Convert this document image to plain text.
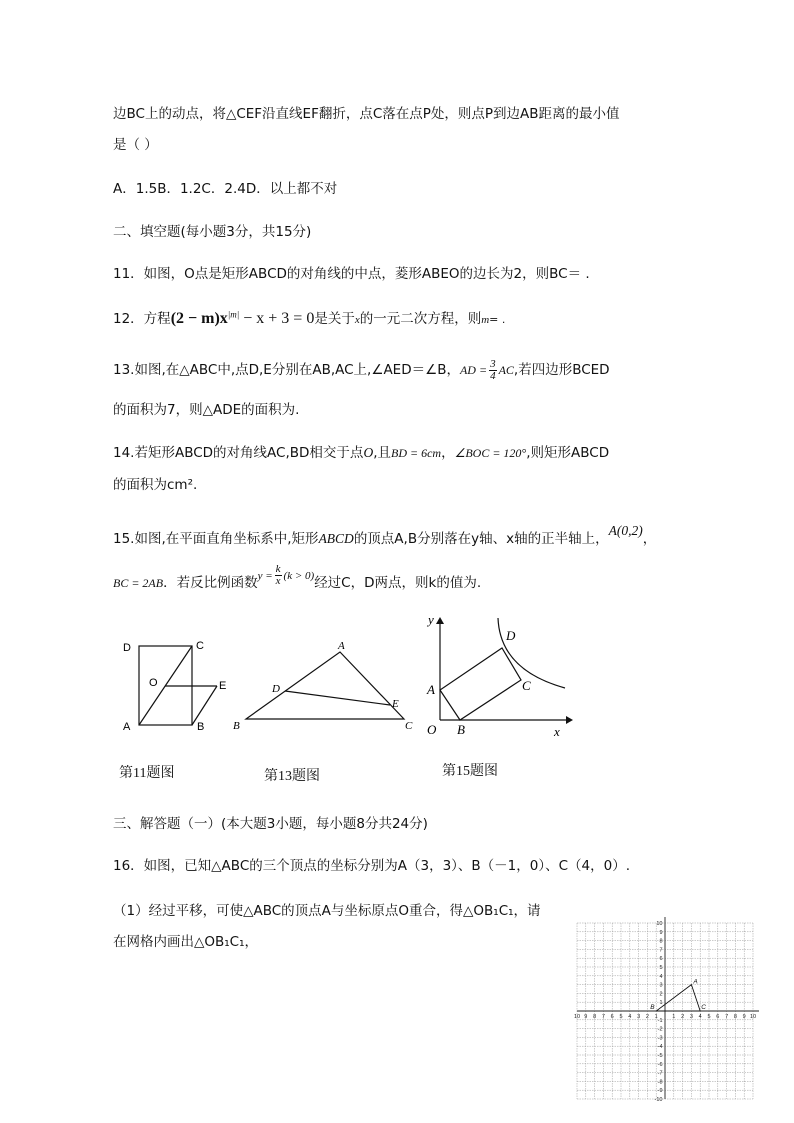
边BC上的动点，将△CEF沿直线EF翻折，点C落在点P处，则点P到边AB距离的最小值
是（ ）
A．1.5B．1.2C．2.4D．以上都不对
二、填空题(每小题3分，共15分)
11．如图，O点是矩形ABCD的对角线的中点，菱形ABEO的边长为2，则BC＝ .
12．方程$(2 - m)x^{|m|} - x + 3 = 0$是关于x的一元二次方程，则m= .
13.如图,在△ABC中,点D,E分别在AB,AC上,∠AED＝∠B，AD = $\frac{3}{4}$ AC,若四边形BCED
的面积为7，则△ADE的面积为.
14.若矩形ABCD的对角线AC,BD相交于点O,且BD = 6cm，∠BOC = 120°,则矩形ABCD
的面积为cm².
15.如图,在平面直角坐标系中,矩形ABCD的顶点A,B分别落在y轴、x轴的正半轴上，A(0,2)，
BC = 2AB．若反比例函数$^{y =} \frac{k}{x} ^{(k > 0)}$经过C，D两点，则k的值为.
D	C
O	E
A	B
第11题图
A
D
E
B	C
第13题图
y
x
O
A
B
C
D
第15题图
三、解答题（一）(本大题3小题，每小题8分共24分)
16．如图，已知△ABC的三个顶点的坐标分别为A（3，3）、B（－1，0）、C（4，0）.
（1）经过平移，可使△ABC的顶点A与坐标原点O重合，得△OB₁C₁，请
在网格内画出△OB₁C₁，
10
10
9
9
8
8
7
7
6
6
5
5
4
4
3
3
2
2
1
1
1
-1
2
-2
3
-3
4
-4
5
-5
6
-6
7
-7
8
-8
9
-9
10
-10
A
B	C
